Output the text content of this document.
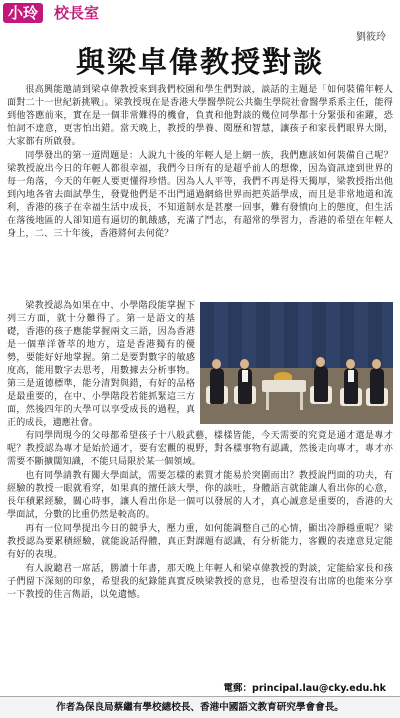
小玲	校長室
劉筱玲
與梁卓偉教授對談

很高興能邀請到梁卓偉教授來到我們校園和學生們對談，談話的主題是「如何裝備年輕人面對二十一世紀新挑戰」。梁教授現在是香港大學醫學院公共衞生學院社會醫學系系主任，能得到他答應前來，實在是一個非常難得的機會，負責和他對談的幾位同學都十分緊張和雀躍，恐怕詞不達意，更害怕出錯。當天晚上，教授的學養、閱歷和智慧，讓孩子和家長們眼界大開，大家都有所啟發。

同學發出的第一道問題是：人說九十後的年輕人是上網一族，我們應該如何裝備自己呢？梁教授說出今日的年輕人都很幸福，我們今日所有的是超乎前人的想像，因為資訊達到世界的每一角落，今天的年輕人要更懂得珍惜。因為人人平等，我們不再是得天獨厚，梁教授指出他到內地各省去面試學生，發覺他們是不出門通過網絡世界而把英語學成，而且是非常地道和流利，香港的孩子在幸福生活中成長，不知道制水是甚麼一回事，難有發憤向上的態度，但生活在落後地區的人卻知道有逼切的飢餓感，充滿了鬥志，有超常的學習力，香港的希望在年輕人身上，二、三十年後，香港將何去何從？

梁教授認為如果在中、小學階段能掌握下列三方面，就十分難得了。第一是語文的基礎，香港的孩子應能掌握兩文三語，因為香港是一個華洋薈萃的地方，這是香港獨有的優勢，要能好好地掌握。第二是要對數字的敏感度高，能用數字去思考，用數據去分析事物。第三是道德標準，能分清對與錯，有好的品格是最重要的，在中、小學階段若能抓緊這三方面，然後四年的大學可以享受成長的過程，真正的成長，適應社會。

有同學問現今的父母都希望孩子十八般武藝，樣樣皆能，今天需要的究竟是通才還是專才呢？教授認為專才是始於通才，要有宏觀的視野，對各樣事物有認識，然後走向專才，專才亦需要不斷擴闊知識，不能只局限於某一個領域。

也有同學請教有關大學面試，需要怎樣的素質才能易於突圍而出？教授說門面的功夫，有經驗的教授一眼就看穿，如果真的擅任該大學，你的談吐，身體語言就能讓人看出你的心意，長年積累經驗，關心時事，讓人看出你是一個可以發展的人才，真心誠意是重要的，香港的大學面試，分數的比重仍然是較高的。

再有一位同學提出今日的競爭大，壓力重，如何能調整自己的心情，顯出冷靜穩重呢？梁教授認為要累積經驗，就能說話得體，真正對課題有認識，有分析能力，客觀的表達意見定能有好的表現。

有人說聽君一席話，勝讀十年書，那天晚上年輕人和梁卓偉教授的對談，定能給家長和孩子們留下深刻的印象，希望我的紀錄能真實反映梁教授的意見，也希望沒有出席的也能來分享一下教授的佳言雋語，以免遺憾。

電郵：principal.lau@cky.edu.hk
作者為保良局蔡繼有學校總校長、香港中國語文教育研究學會會長。
